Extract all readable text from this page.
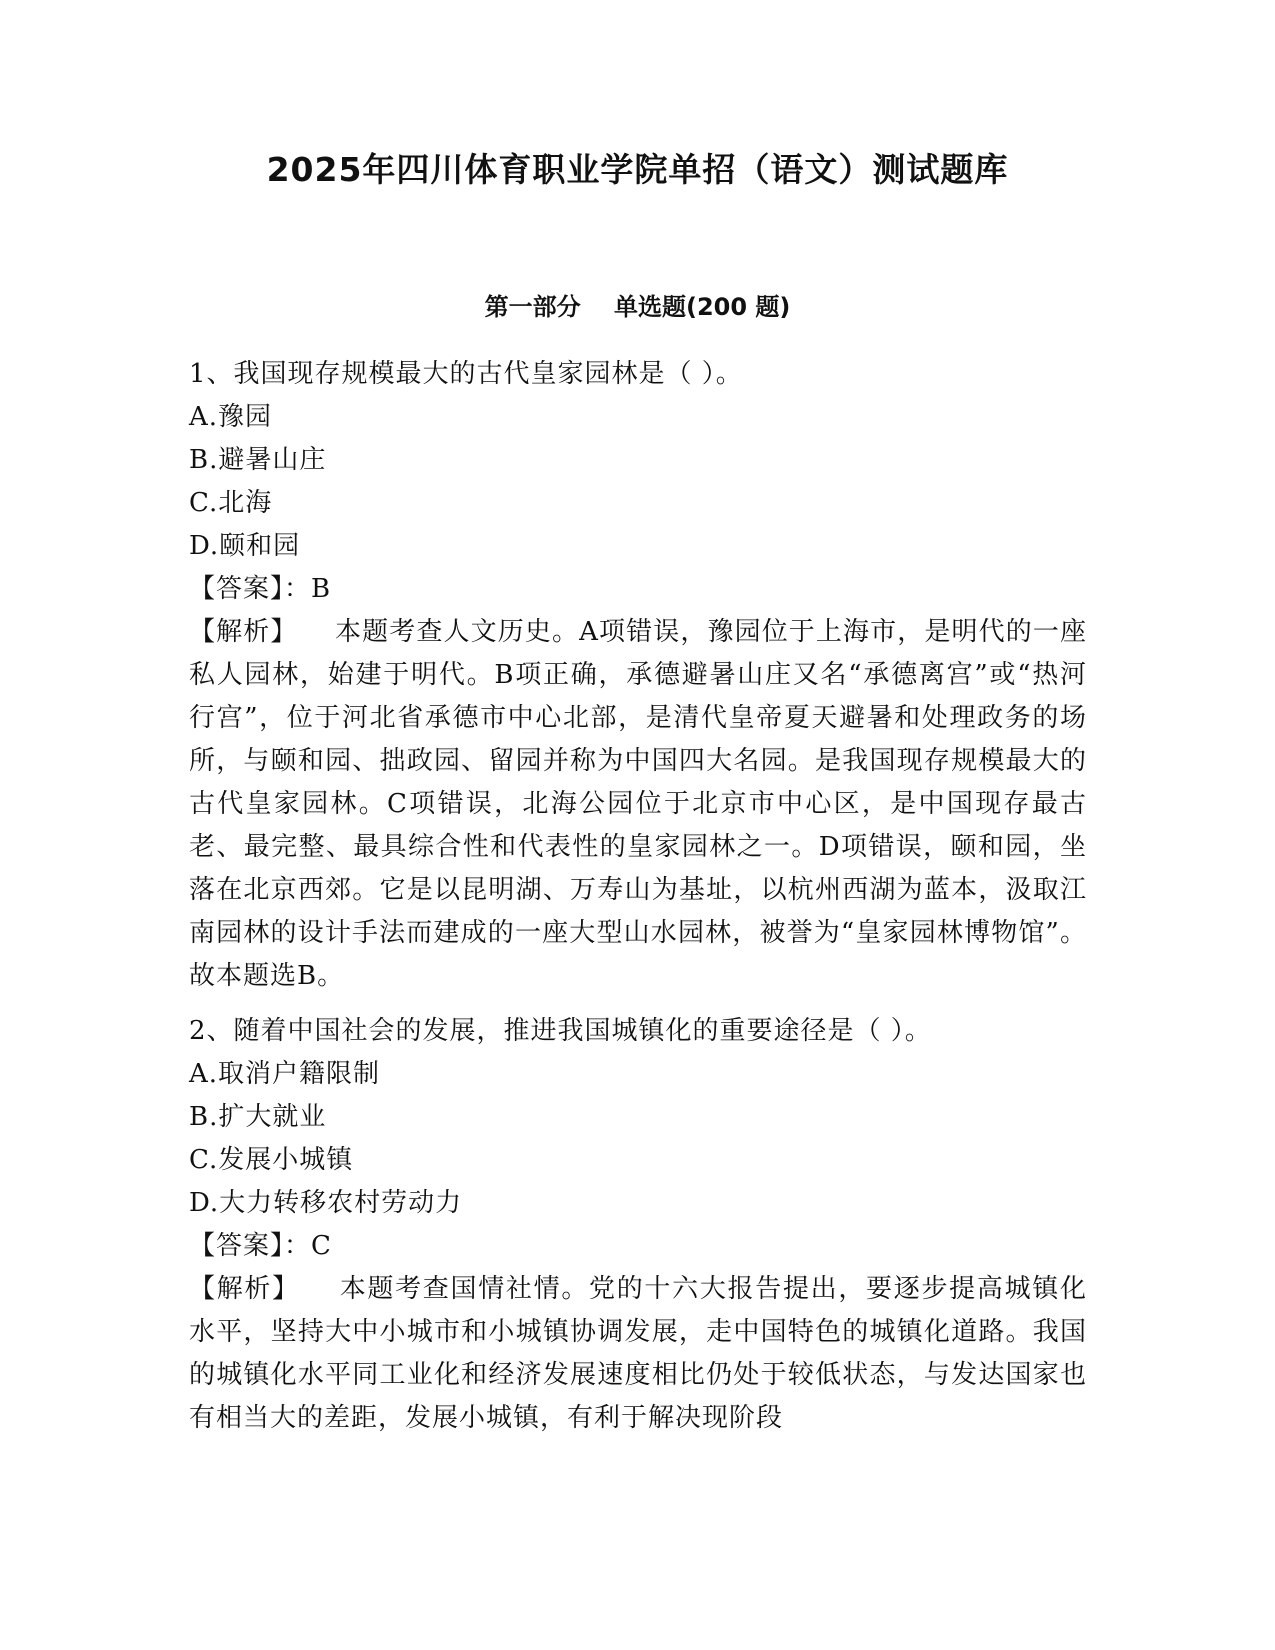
2025年四川体育职业学院单招（语文）测试题库
第一部分    单选题(200 题)
1、我国现存规模最大的古代皇家园林是（ ）。
A.豫园
B.避暑山庄
C.北海
D.颐和园
【答案】：B
【解析】    本题考查人文历史。A项错误，豫园位于上海市，是明代的一座私人园林，始建于明代。B项正确，承德避暑山庄又名“承德离宫”或“热河行宫”，位于河北省承德市中心北部，是清代皇帝夏天避暑和处理政务的场所，与颐和园、拙政园、留园并称为中国四大名园。是我国现存规模最大的古代皇家园林。C项错误，北海公园位于北京市中心区，是中国现存最古老、最完整、最具综合性和代表性的皇家园林之一。D项错误，颐和园，坐落在北京西郊。它是以昆明湖、万寿山为基址，以杭州西湖为蓝本，汲取江南园林的设计手法而建成的一座大型山水园林，被誉为“皇家园林博物馆”。故本题选B。
2、随着中国社会的发展，推进我国城镇化的重要途径是（ ）。
A.取消户籍限制
B.扩大就业
C.发展小城镇
D.大力转移农村劳动力
【答案】：C
【解析】    本题考查国情社情。党的十六大报告提出，要逐步提高城镇化水平，坚持大中小城市和小城镇协调发展，走中国特色的城镇化道路。我国的城镇化水平同工业化和经济发展速度相比仍处于较低状态，与发达国家也有相当大的差距，发展小城镇，有利于解决现阶段
